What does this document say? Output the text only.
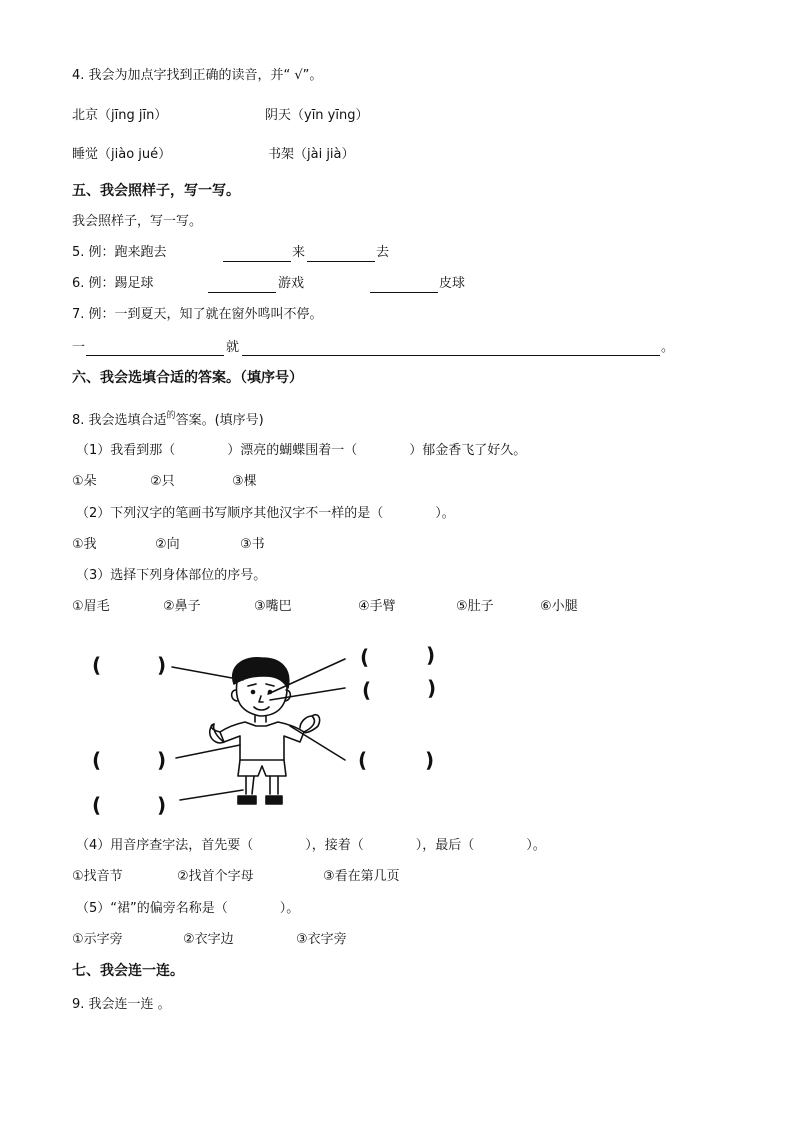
4. 我会为加点字找到正确的读音，并“ √”。
北京（jīng jīn）	阴天（yīn yīng）
睡觉（jiào jué）	书架（jài jià）
五、我会照样子，写一写。
我会照样子，写一写。
5. 例：跑来跑去	来	去
6. 例：踢足球	游戏	皮球
7. 例：一到夏天，知了就在窗外鸣叫不停。
一	就	。
六、我会选填合适的答案。（填序号）
8. 我会选填合适$^的$答案。(填序号)
（1）我看到那（　　　　）漂亮的蝴蝶围着一（　　　　）郁金香飞了好久。
①朵	②只	③棵
（2）下列汉字的笔画书写顺序其他汉字不一样的是（　　　　）。
①我	②向	③书
（3）选择下列身体部位的序号。
①眉毛	②鼻子	③嘴巴	④手臂	⑤肚子	⑥小腿
(	)	(	)
(	)
(	)	(	)
(	)
（4）用音序查字法，首先要（　　　　），接着（　　　　），最后（　　　　）。
①找音节	②找首个字母	③看在第几页
（5）“裙”的偏旁名称是（　　　　）。
①示字旁	②衣字边	③衣字旁
七、我会连一连。
9. 我会连一连 。
